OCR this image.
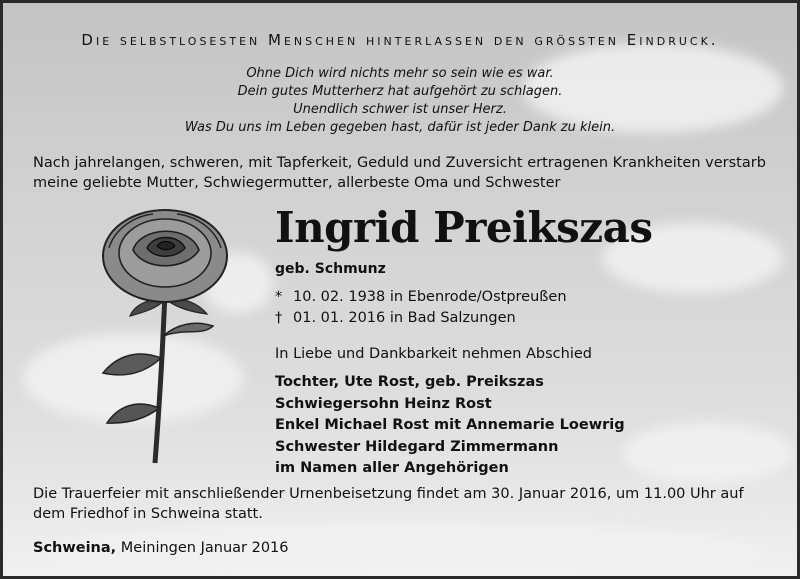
Die selbstlosesten Menschen hinterlassen den grössten Eindruck.
Ohne Dich wird nichts mehr so sein wie es war.
Dein gutes Mutterherz hat aufgehört zu schlagen.
Unendlich schwer ist unser Herz.
Was Du uns im Leben gegeben hast, dafür ist jeder Dank zu klein.
Nach jahrelangen, schweren, mit Tapferkeit, Geduld und Zuversicht ertragenen Krankheiten verstarb meine geliebte Mutter, Schwiegermutter, allerbeste Oma und Schwester
Ingrid Preikszas
geb. Schmunz
* 10. 02. 1938 in Ebenrode/Ostpreußen
† 01. 01. 2016 in Bad Salzungen
In Liebe und Dankbarkeit nehmen Abschied
Tochter, Ute Rost, geb. Preikszas
Schwiegersohn Heinz Rost
Enkel Michael Rost mit Annemarie Loewrig
Schwester Hildegard Zimmermann
im Namen aller Angehörigen
Die Trauerfeier mit anschließender Urnenbeisetzung findet am 30. Januar 2016, um 11.00 Uhr auf dem Friedhof in Schweina statt.
Schweina, Meiningen Januar 2016
